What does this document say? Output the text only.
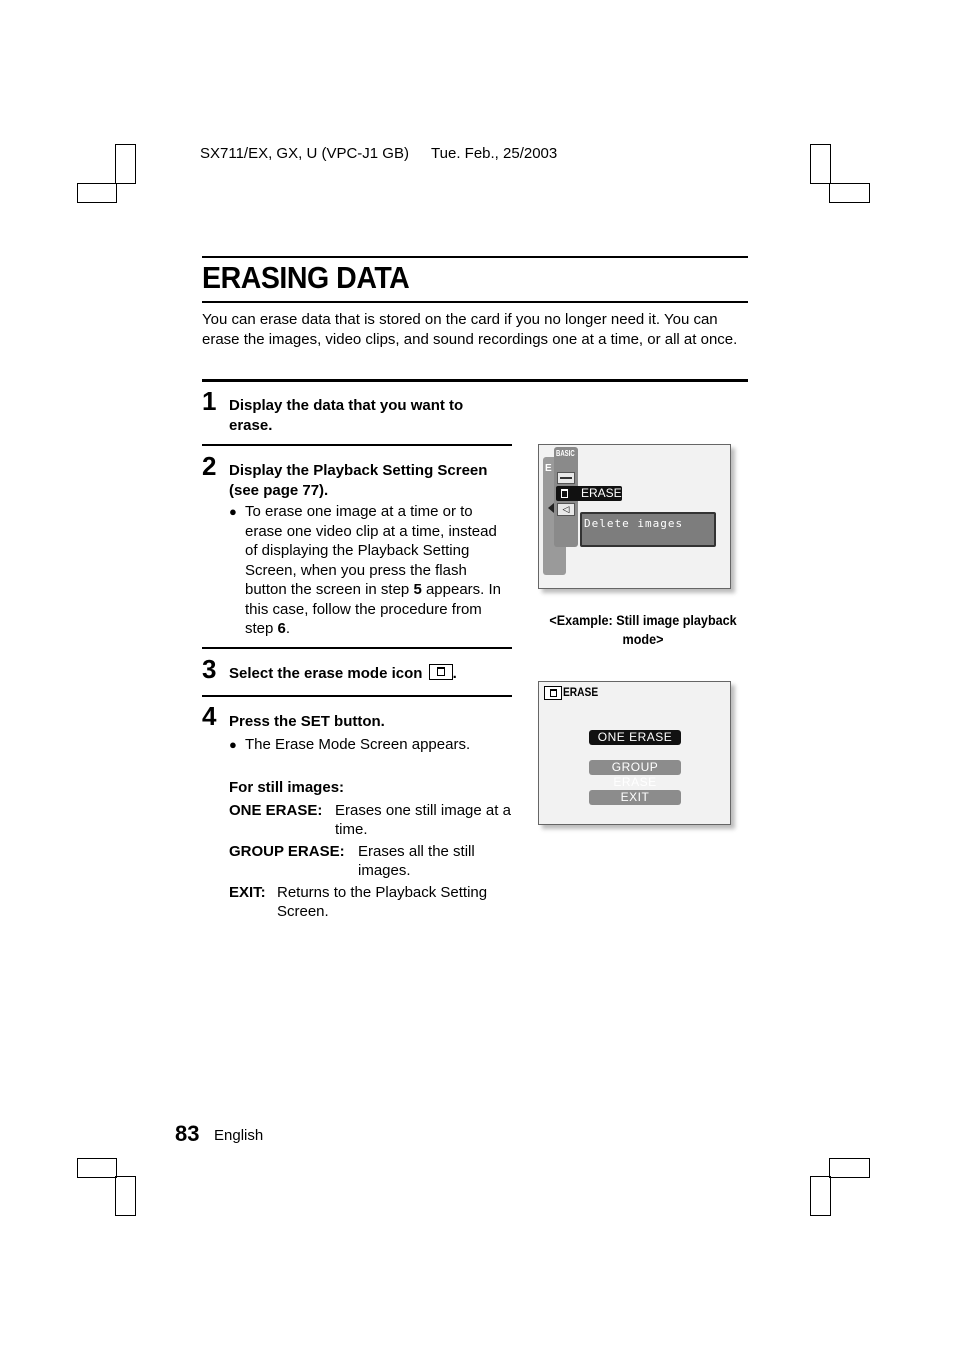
SX711/EX, GX, U (VPC-J1 GB) Tue. Feb., 25/2003
ERASING DATA
You can erase data that is stored on the card if you no longer need it. You can erase the images, video clips, and sound recordings one at a time, or all at once.
1 Display the data that you want to erase.
2 Display the Playback Setting Screen (see page 77).
● To erase one image at a time or to erase one video clip at a time, instead of displaying the Playback Setting Screen, when you press the flash button the screen in step 5 appears. In this case, follow the procedure from step 6.
3 Select the erase mode icon .
4 Press the SET button.
● The Erase Mode Screen appears.
For still images:
ONE ERASE: Erases one still image at a time.
GROUP ERASE: Erases all the still images.
EXIT: Returns to the Playback Setting Screen.
E
BASIC
ERASE
◁
Delete images
<Example: Still image playback mode>
ERASE
ONE ERASE
GROUP ERASE
EXIT
83 English
